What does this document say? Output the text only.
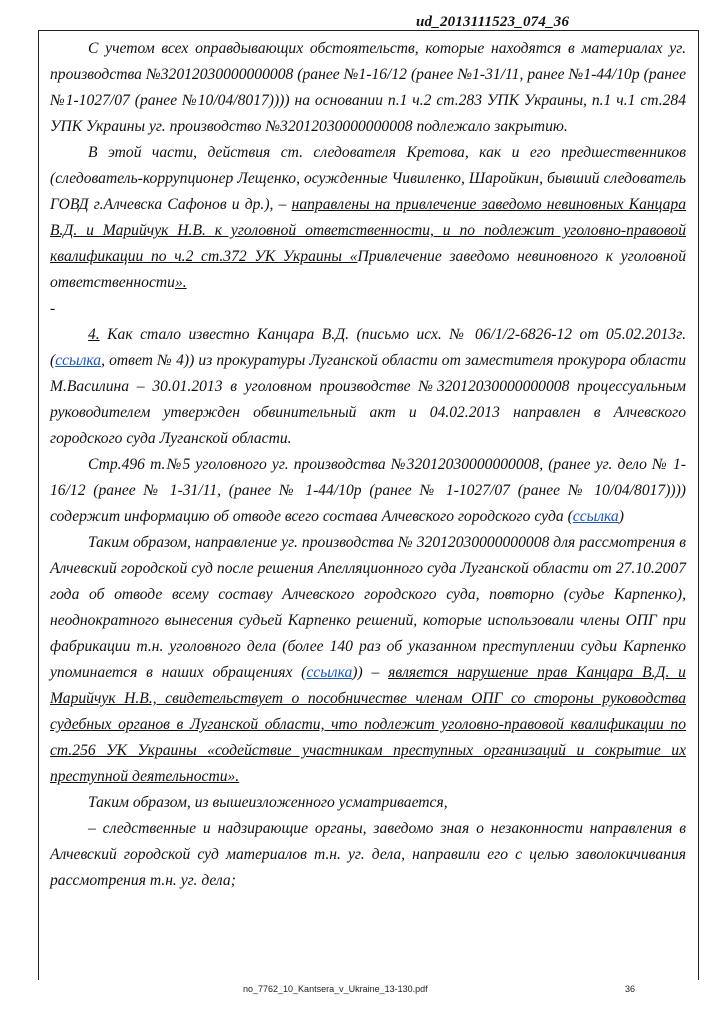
ud_2013111523_074_36

С учетом всех оправдывающих обстоятельств, которые находятся в материалах уг. производства №32012030000000008 (ранее №1-16/12 (ранее №1-31/11, ранее №1-44/10р (ранее №1-1027/07 (ранее №10/04/8017)))) на основании п.1 ч.2 ст.283 УПК Украины, п.1 ч.1 ст.284 УПК Украины уг. производство №32012030000000008 подлежало закрытию.

В этой части, действия ст. следователя Кретова, как и его предшественников (следователь-коррупционер Лещенко, осужденные Чивиленко, Шаройкин, бывший следователь ГОВД г.Алчевска Сафонов и др.), – направлены на привлечение заведомо невиновных Канцара В.Д. и Марийчук Н.В. к уголовной ответственности, и по подлежит уголовно-правовой квалификации по ч.2 ст.372 УК Украины «Привлечение заведомо невиновного к уголовной ответственности».

-

4. Как стало известно Канцара В.Д. (письмо исх. № 06/1/2-6826-12 от 05.02.2013г. (ссылка, ответ № 4)) из прокуратуры Луганской области от заместителя прокурора области М.Василина – 30.01.2013 в уголовном производстве №32012030000000008 процессуальным руководителем утвержден обвинительный акт и 04.02.2013 направлен в Алчевского городского суда Луганской области.

Стр.496 т.№5 уголовного уг. производства №32012030000000008, (ранее уг. дело № 1-16/12 (ранее № 1-31/11, (ранее № 1-44/10р (ранее № 1-1027/07 (ранее № 10/04/8017)))) содержит информацию об отводе всего состава Алчевского городского суда (ссылка)

Таким образом, направление уг. производства № 32012030000000008 для рассмотрения в Алчевский городской суд после решения Апелляционного суда Луганской области от 27.10.2007 года об отводе всему составу Алчевского городского суда, повторно (судье Карпенко), неоднократного вынесения судьей Карпенко решений, которые использовали члены ОПГ при фабрикации т.н. уголовного дела (более 140 раз об указанном преступлении судьи Карпенко упоминается в наших обращениях (ссылка)) – является нарушение прав Канцара В.Д. и Марийчук Н.В., свидетельствует о пособничестве членам ОПГ со стороны руководства судебных органов в Луганской области, что подлежит уголовно-правовой квалификации по ст.256 УК Украины «содействие участникам преступных организаций и сокрытие их преступной деятельности».

Таким образом, из вышеизложенного усматривается,

– следственные и надзирающие органы, заведомо зная о незаконности направления в Алчевский городской суд материалов т.н. уг. дела, направили его с целью заволокичивания рассмотрения т.н. уг. дела;

no_7762_10_Kantsera_v_Ukraine_13-130.pdf	36
